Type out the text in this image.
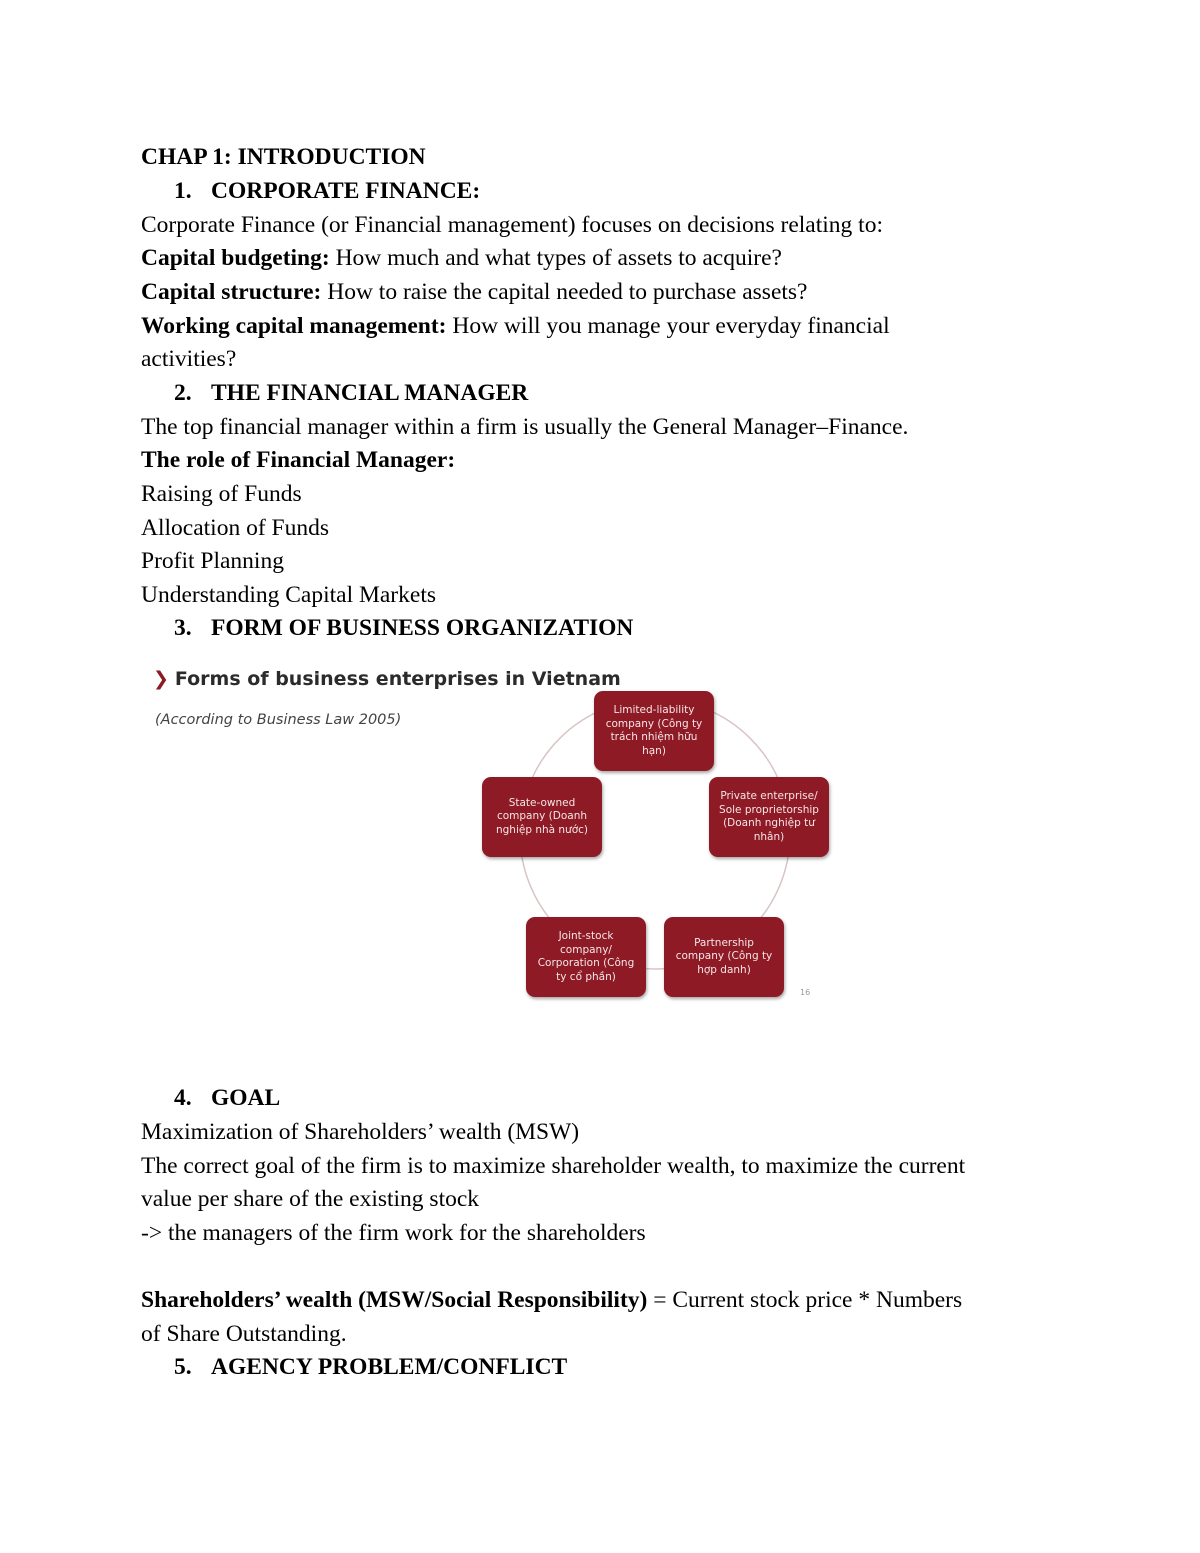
CHAP 1: INTRODUCTION
1. CORPORATE FINANCE:
Corporate Finance (or Financial management) focuses on decisions relating to:
Capital budgeting: How much and what types of assets to acquire?
Capital structure: How to raise the capital needed to purchase assets?
Working capital management: How will you manage your everyday financial
activities?
2. THE FINANCIAL MANAGER
The top financial manager within a firm is usually the General Manager–Finance.
The role of Financial Manager:
Raising of Funds
Allocation of Funds
Profit Planning
Understanding Capital Markets
3. FORM OF BUSINESS ORGANIZATION
❯ Forms of business enterprises in Vietnam
(According to Business Law 2005)
Limited-liability company (Công ty trách nhiệm hữu hạn)
Private enterprise/ Sole proprietorship (Doanh nghiệp tư nhân)
Partnership company (Công ty hợp danh)
Joint-stock company/ Corporation (Công ty cổ phần)
State-owned company (Doanh nghiệp nhà nước)
16
4. GOAL
Maximization of Shareholders’ wealth (MSW)
The correct goal of the firm is to maximize shareholder wealth, to maximize the current
value per share of the existing stock
-> the managers of the firm work for the shareholders
Shareholders’ wealth (MSW/Social Responsibility) = Current stock price * Numbers
of Share Outstanding.
5. AGENCY PROBLEM/CONFLICT
